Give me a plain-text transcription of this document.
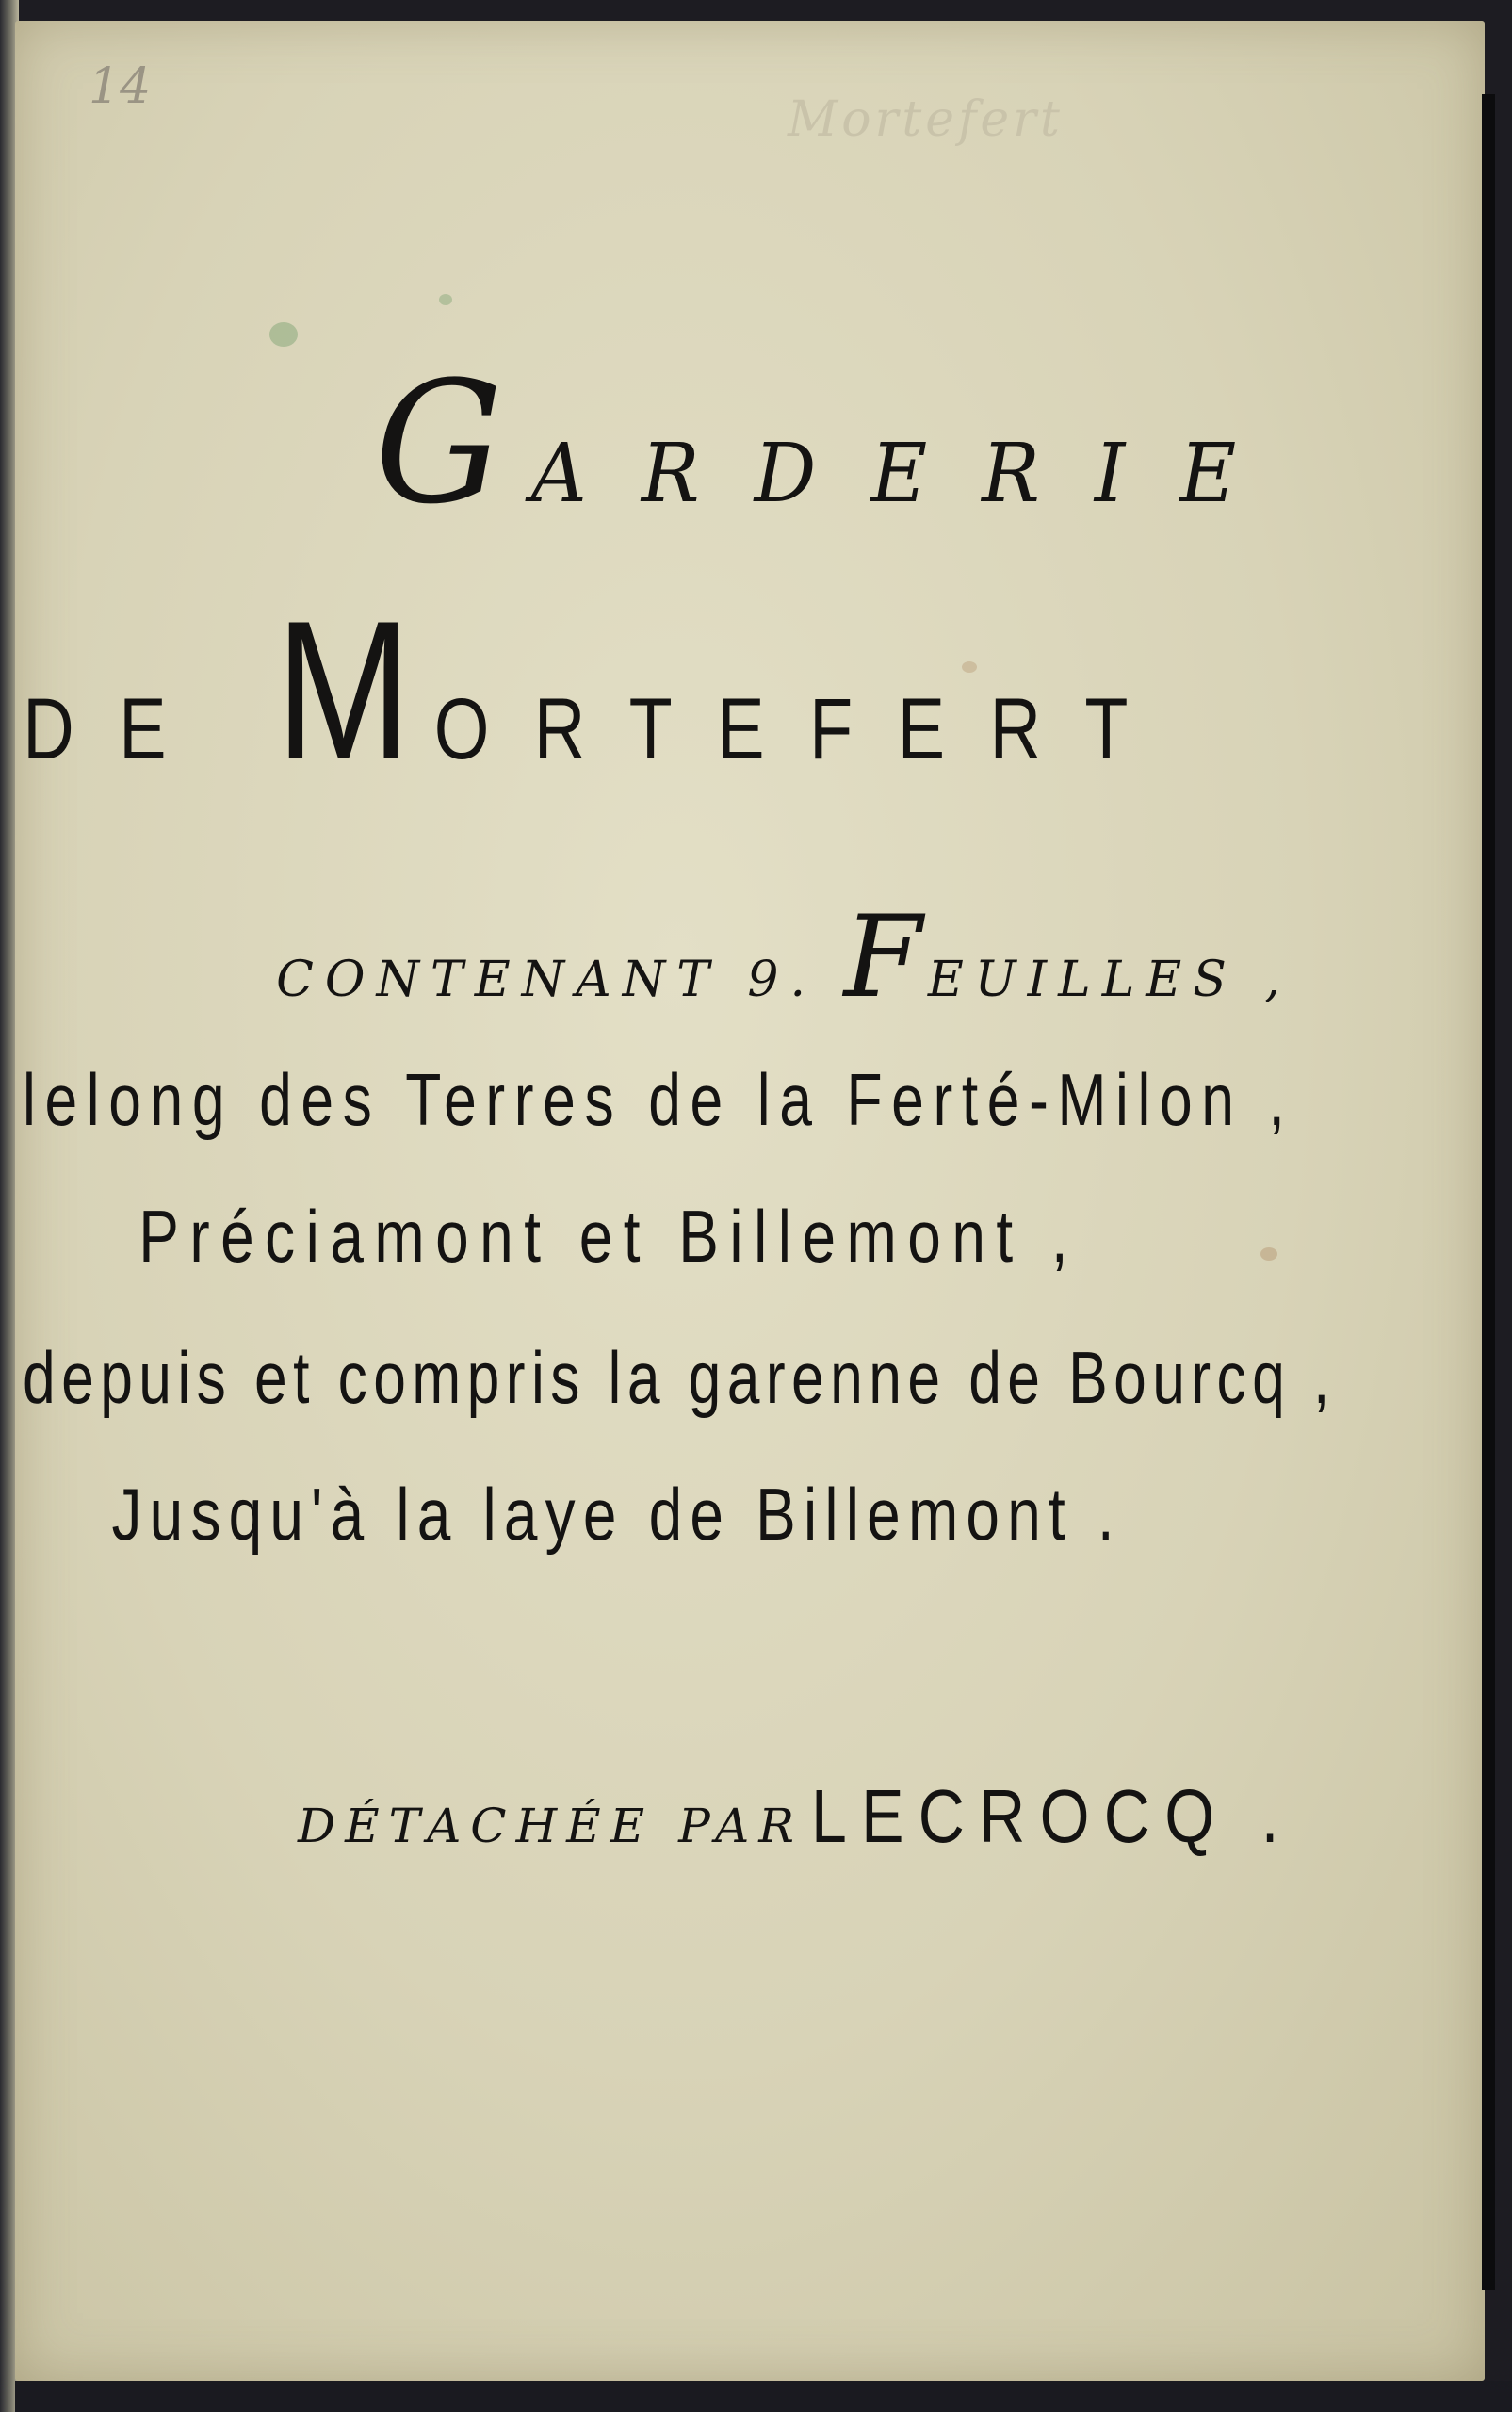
14
Mortefert
GARDERIE
DE MORTEFERT
CONTENANT 9. FEUILLES ,
lelong des Terres de la Ferté-Milon ,
Préciamont et Billemont ,
depuis et compris la garenne de Bourcq ,
Jusqu'à la laye de Billemont .
DÉTACHÉE PAR LECROCQ .
